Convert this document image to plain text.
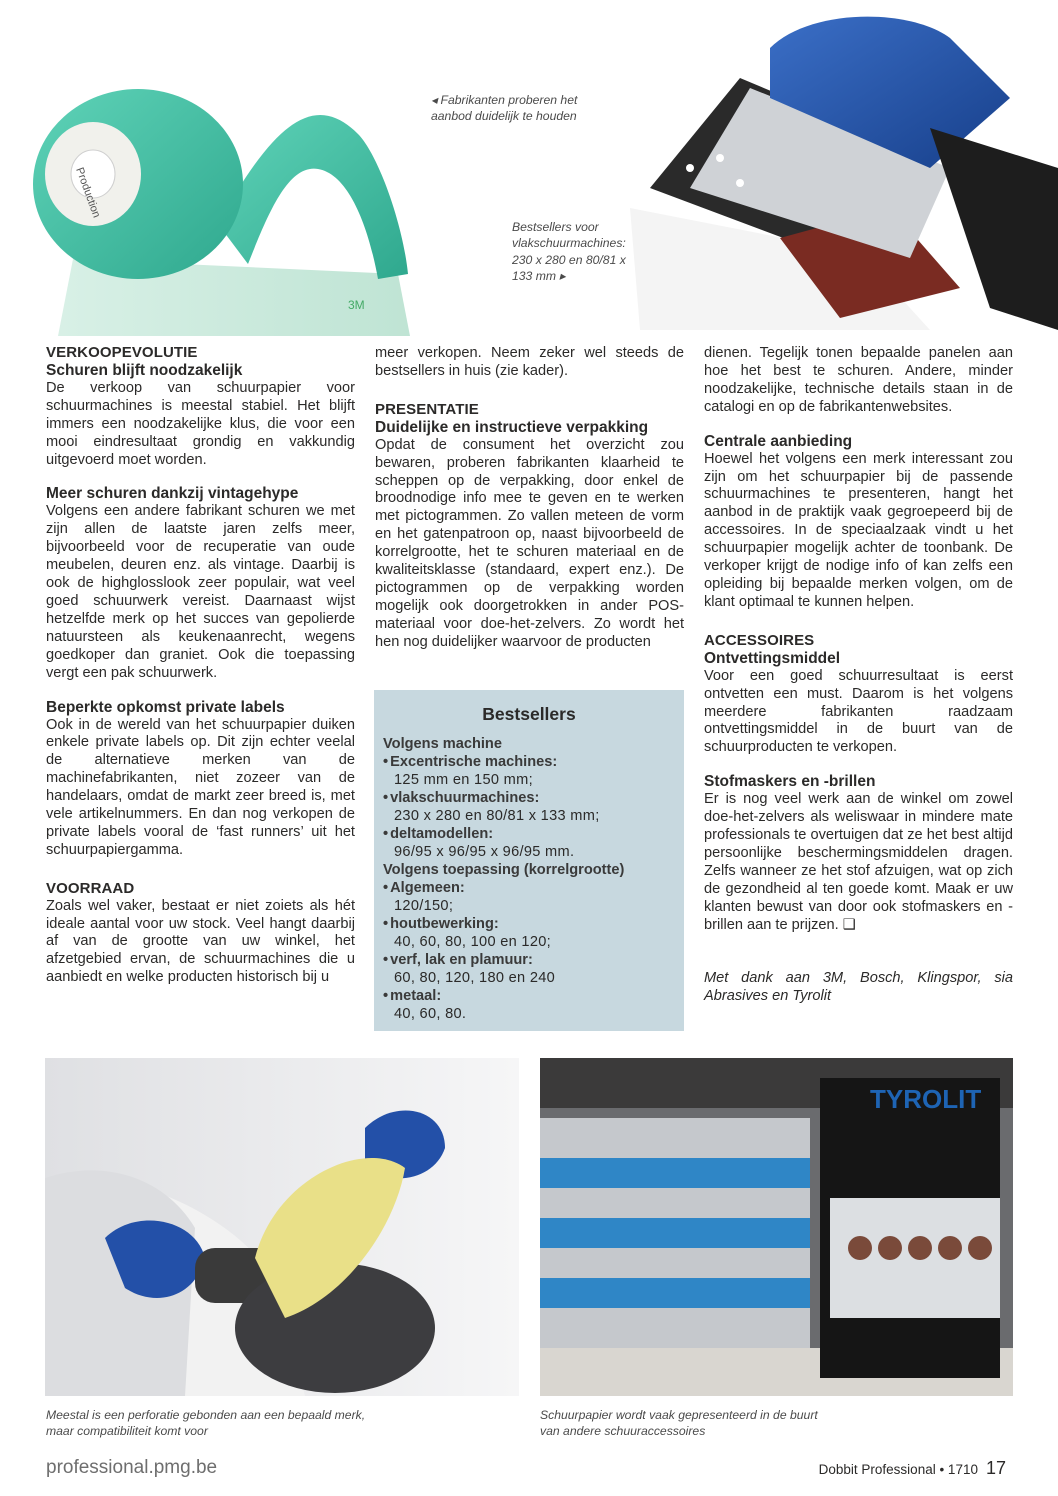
Production
3M
◂ Fabrikanten proberen het aanbod duidelijk te houden
Bestsellers voor vlakschuurmachines: 230 x 280 en 80/81 x 133 mm ▸

VERKOOPEVOLUTIE

Schuren blijft noodzakelijk

De verkoop van schuurpapier voor schuurmachines is meestal stabiel. Het blijft immers een noodzakelijke klus, die voor een mooi eindresultaat grondig en vakkundig uitgevoerd moet worden.

Meer schuren dankzij vintagehype

Volgens een andere fabrikant schuren we met zijn allen de laatste jaren zelfs meer, bijvoorbeeld voor de recuperatie van oude meubelen, deuren enz. als vintage. Daarbij is ook de highglosslook zeer populair, wat veel goed schuurwerk vereist. Daarnaast wijst hetzelfde merk op het succes van gepolierde natuursteen als keukenaanrecht, wegens goedkoper dan graniet. Ook die toepassing vergt een pak schuurwerk.

Beperkte opkomst private labels

Ook in de wereld van het schuurpapier duiken enkele private labels op. Dit zijn echter veelal de alternatieve merken van de machinefabrikanten, niet zozeer van de handelaars, omdat de markt zeer breed is, met vele artikelnummers. En dan nog verkopen de private labels vooral de ‘fast runners’ uit het schuurpapiergamma.

VOORRAAD

Zoals wel vaker, bestaat er niet zoiets als hét ideale aantal voor uw stock. Veel hangt daarbij af van de grootte van uw winkel, het afzetgebied ervan, de schuurmachines die u aanbiedt en welke producten historisch bij u

meer verkopen. Neem zeker wel steeds de bestsellers in huis (zie kader).

PRESENTATIE

Duidelijke en instructieve verpakking

Opdat de consument het overzicht zou bewaren, proberen fabrikanten klaarheid te scheppen op de verpakking, door enkel de broodnodige info mee te geven en te werken met pictogrammen. Zo vallen meteen de vorm en het gatenpatroon op, naast bijvoorbeeld de korrelgrootte, het te schuren materiaal en de kwaliteitsklasse (standaard, expert enz.). De pictogrammen op de verpakking worden mogelijk ook doorgetrokken in ander POS-materiaal voor doe-het-zelvers. Zo wordt het hen nog duidelijker waarvoor de producten

Bestsellers
Volgens machine
• Excentrische machines:
125 mm en 150 mm;
• vlakschuurmachines:
230 x 280 en 80/81 x 133 mm;
• deltamodellen:
96/95 x 96/95 x 96/95 mm.
Volgens toepassing (korrelgrootte)
• Algemeen:
120/150;
• houtbewerking:
40, 60, 80, 100 en 120;
• verf, lak en plamuur:
60, 80, 120, 180 en 240
• metaal:
40, 60, 80.

dienen. Tegelijk tonen bepaalde panelen aan hoe het best te schuren. Andere, minder noodzakelijke, technische details staan in de catalogi en op de fabrikantenwebsites.

Centrale aanbieding

Hoewel het volgens een merk interessant zou zijn om het schuurpapier bij de passende schuurmachines te presenteren, hangt het aanbod in de praktijk vaak gegroepeerd bij de accessoires. In de speciaalzaak vindt u het schuurpapier mogelijk achter de toonbank. De verkoper krijgt de nodige info of kan zelfs een opleiding bij bepaalde merken volgen, om de klant optimaal te kunnen helpen.

ACCESSOIRES

Ontvettingsmiddel

Voor een goed schuurresultaat is eerst ontvetten een must. Daarom is het volgens meerdere fabrikanten raadzaam ontvettingsmiddel in de buurt van de schuurproducten te verkopen.

Stofmaskers en -brillen

Er is nog veel werk aan de winkel om zowel doe-het-zelvers als weliswaar in mindere mate professionals te overtuigen dat ze het best altijd persoonlijke beschermingsmiddelen dragen. Zelfs wanneer ze het stof afzuigen, wat op zich de gezondheid al ten goede komt. Maak er uw klanten bewust van door ook stofmaskers en -brillen aan te prijzen. ❑

Met dank aan 3M, Bosch, Klingspor, sia Abrasives en Tyrolit

TYROLIT
Meestal is een perforatie gebonden aan een bepaald merk, maar compatibiliteit komt voor
Schuurpapier wordt vaak gepresenteerd in de buurt van andere schuuraccessoires
professional.pmg.be	Dobbit Professional • 1710 17
